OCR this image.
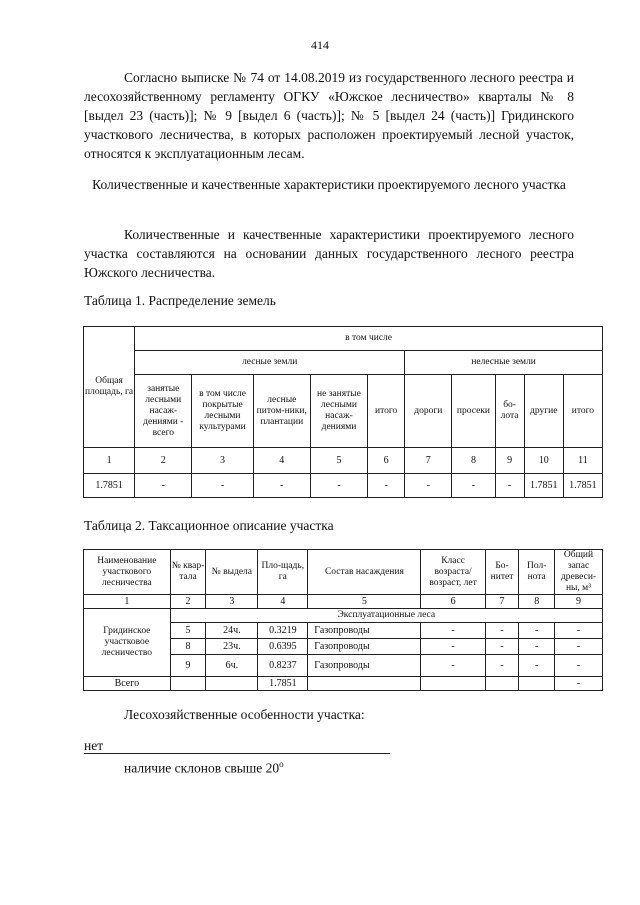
414
Согласно выписке № 74 от 14.08.2019 из государственного лесного реестра и лесохозяйственному регламенту ОГКУ «Южское лесничество» кварталы № 8 [выдел 23 (часть)]; № 9 [выдел 6 (часть)]; № 5 [выдел 24 (часть)] Гридинского участкового лесничества, в которых расположен проектируемый лесной участок, относятся к эксплуатационным лесам.
Количественные и качественные характеристики проектируемого лесного участка
Количественные и качественные характеристики проектируемого лесного участка составляются на основании данных государственного лесного реестра Южского лесничества.
Таблица 1. Распределение земель
Общая площадь, га	в том числе									
	лесные земли					нелесные земли				
	занятые лесными насаж-дениями - всего	в том числе покрытые лесными культурами	лесные питом-ники, плантации	не занятые лесными насаж-дениями	итого	дороги	просеки	бо-лота	другие	итого
1	2	3	4	5	6	7	8	9	10	11
1.7851	-	-	-	-	-	-	-	-	1.7851	1.7851
Таблица 2. Таксационное описание участка
Наименование участкового лесничества	№ квар-тала	№ выдела	Пло-щадь, га	Состав насаждения	Класс возраста/ возраст, лет	Бо-нитет	Пол-нота	Общий запас древеси-ны, м³
1	2	3	4	5	6	7	8	9
Гридинское участковое лесничество	Эксплуатационные леса							
	5	24ч.	0.3219	Газопроводы	-	-	-	-
	8	23ч.	0.6395	Газопроводы	-	-	-	-
	9	6ч.	0.8237	Газопроводы	-	-	-	-
Всего			1.7851					-
Лесохозяйственные особенности участка:
нет
наличие склонов свыше $20^о$
